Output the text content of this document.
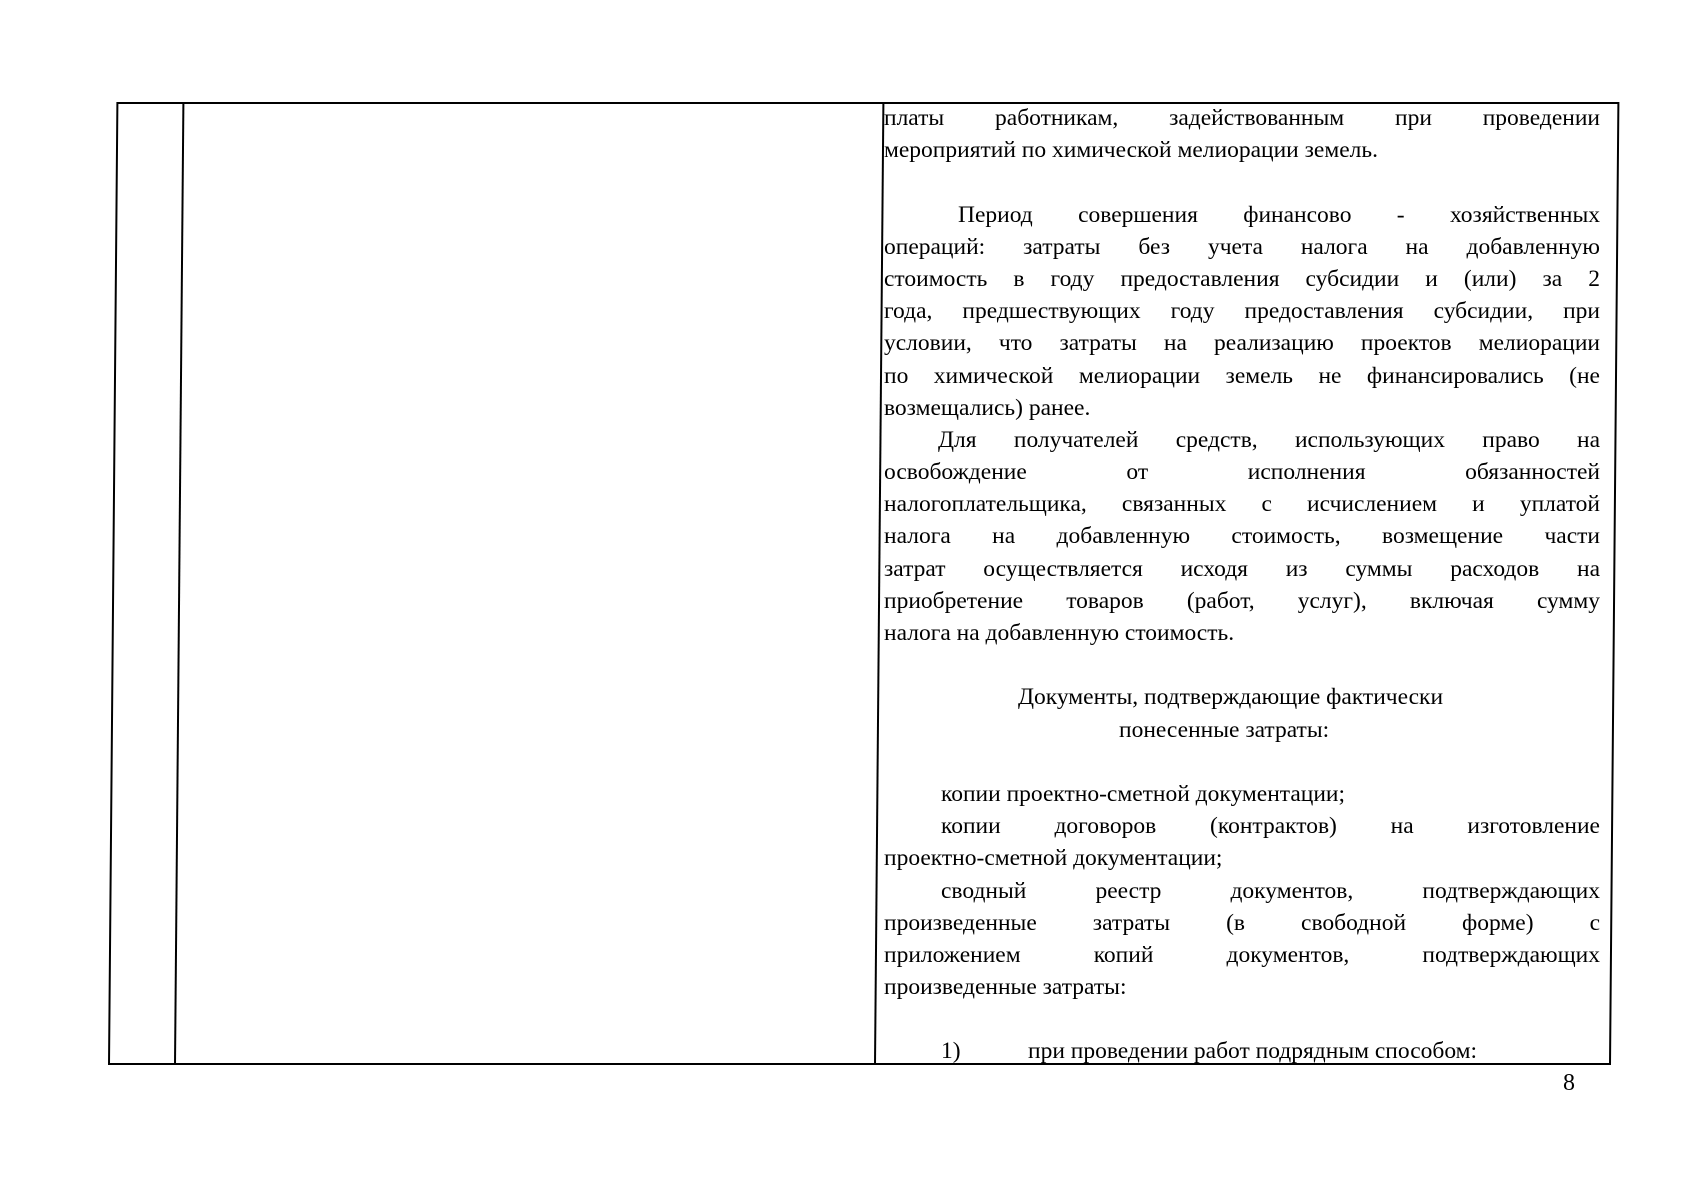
платы работникам, задействованным при проведении
мероприятий по химической мелиорации земель.
Период совершения финансово - хозяйственных
операций: затраты без учета налога на добавленную
стоимость в году предоставления субсидии и (или) за 2
года, предшествующих году предоставления субсидии, при
условии, что затраты на реализацию проектов мелиорации
по химической мелиорации земель не финансировались (не
возмещались) ранее.
Для получателей средств, использующих право на
освобождение от исполнения обязанностей
налогоплательщика, связанных с исчислением и уплатой
налога на добавленную стоимость, возмещение части
затрат осуществляется исходя из суммы расходов на
приобретение товаров (работ, услуг), включая сумму
налога на добавленную стоимость.
Документы, подтверждающие фактически
понесенные затраты:
копии проектно-сметной документации;
копии договоров (контрактов) на изготовление
проектно-сметной документации;
сводный реестр документов, подтверждающих
произведенные затраты (в свободной форме) с
приложением копий документов, подтверждающих
произведенные затраты:
1)	при проведении работ подрядным способом:
8
